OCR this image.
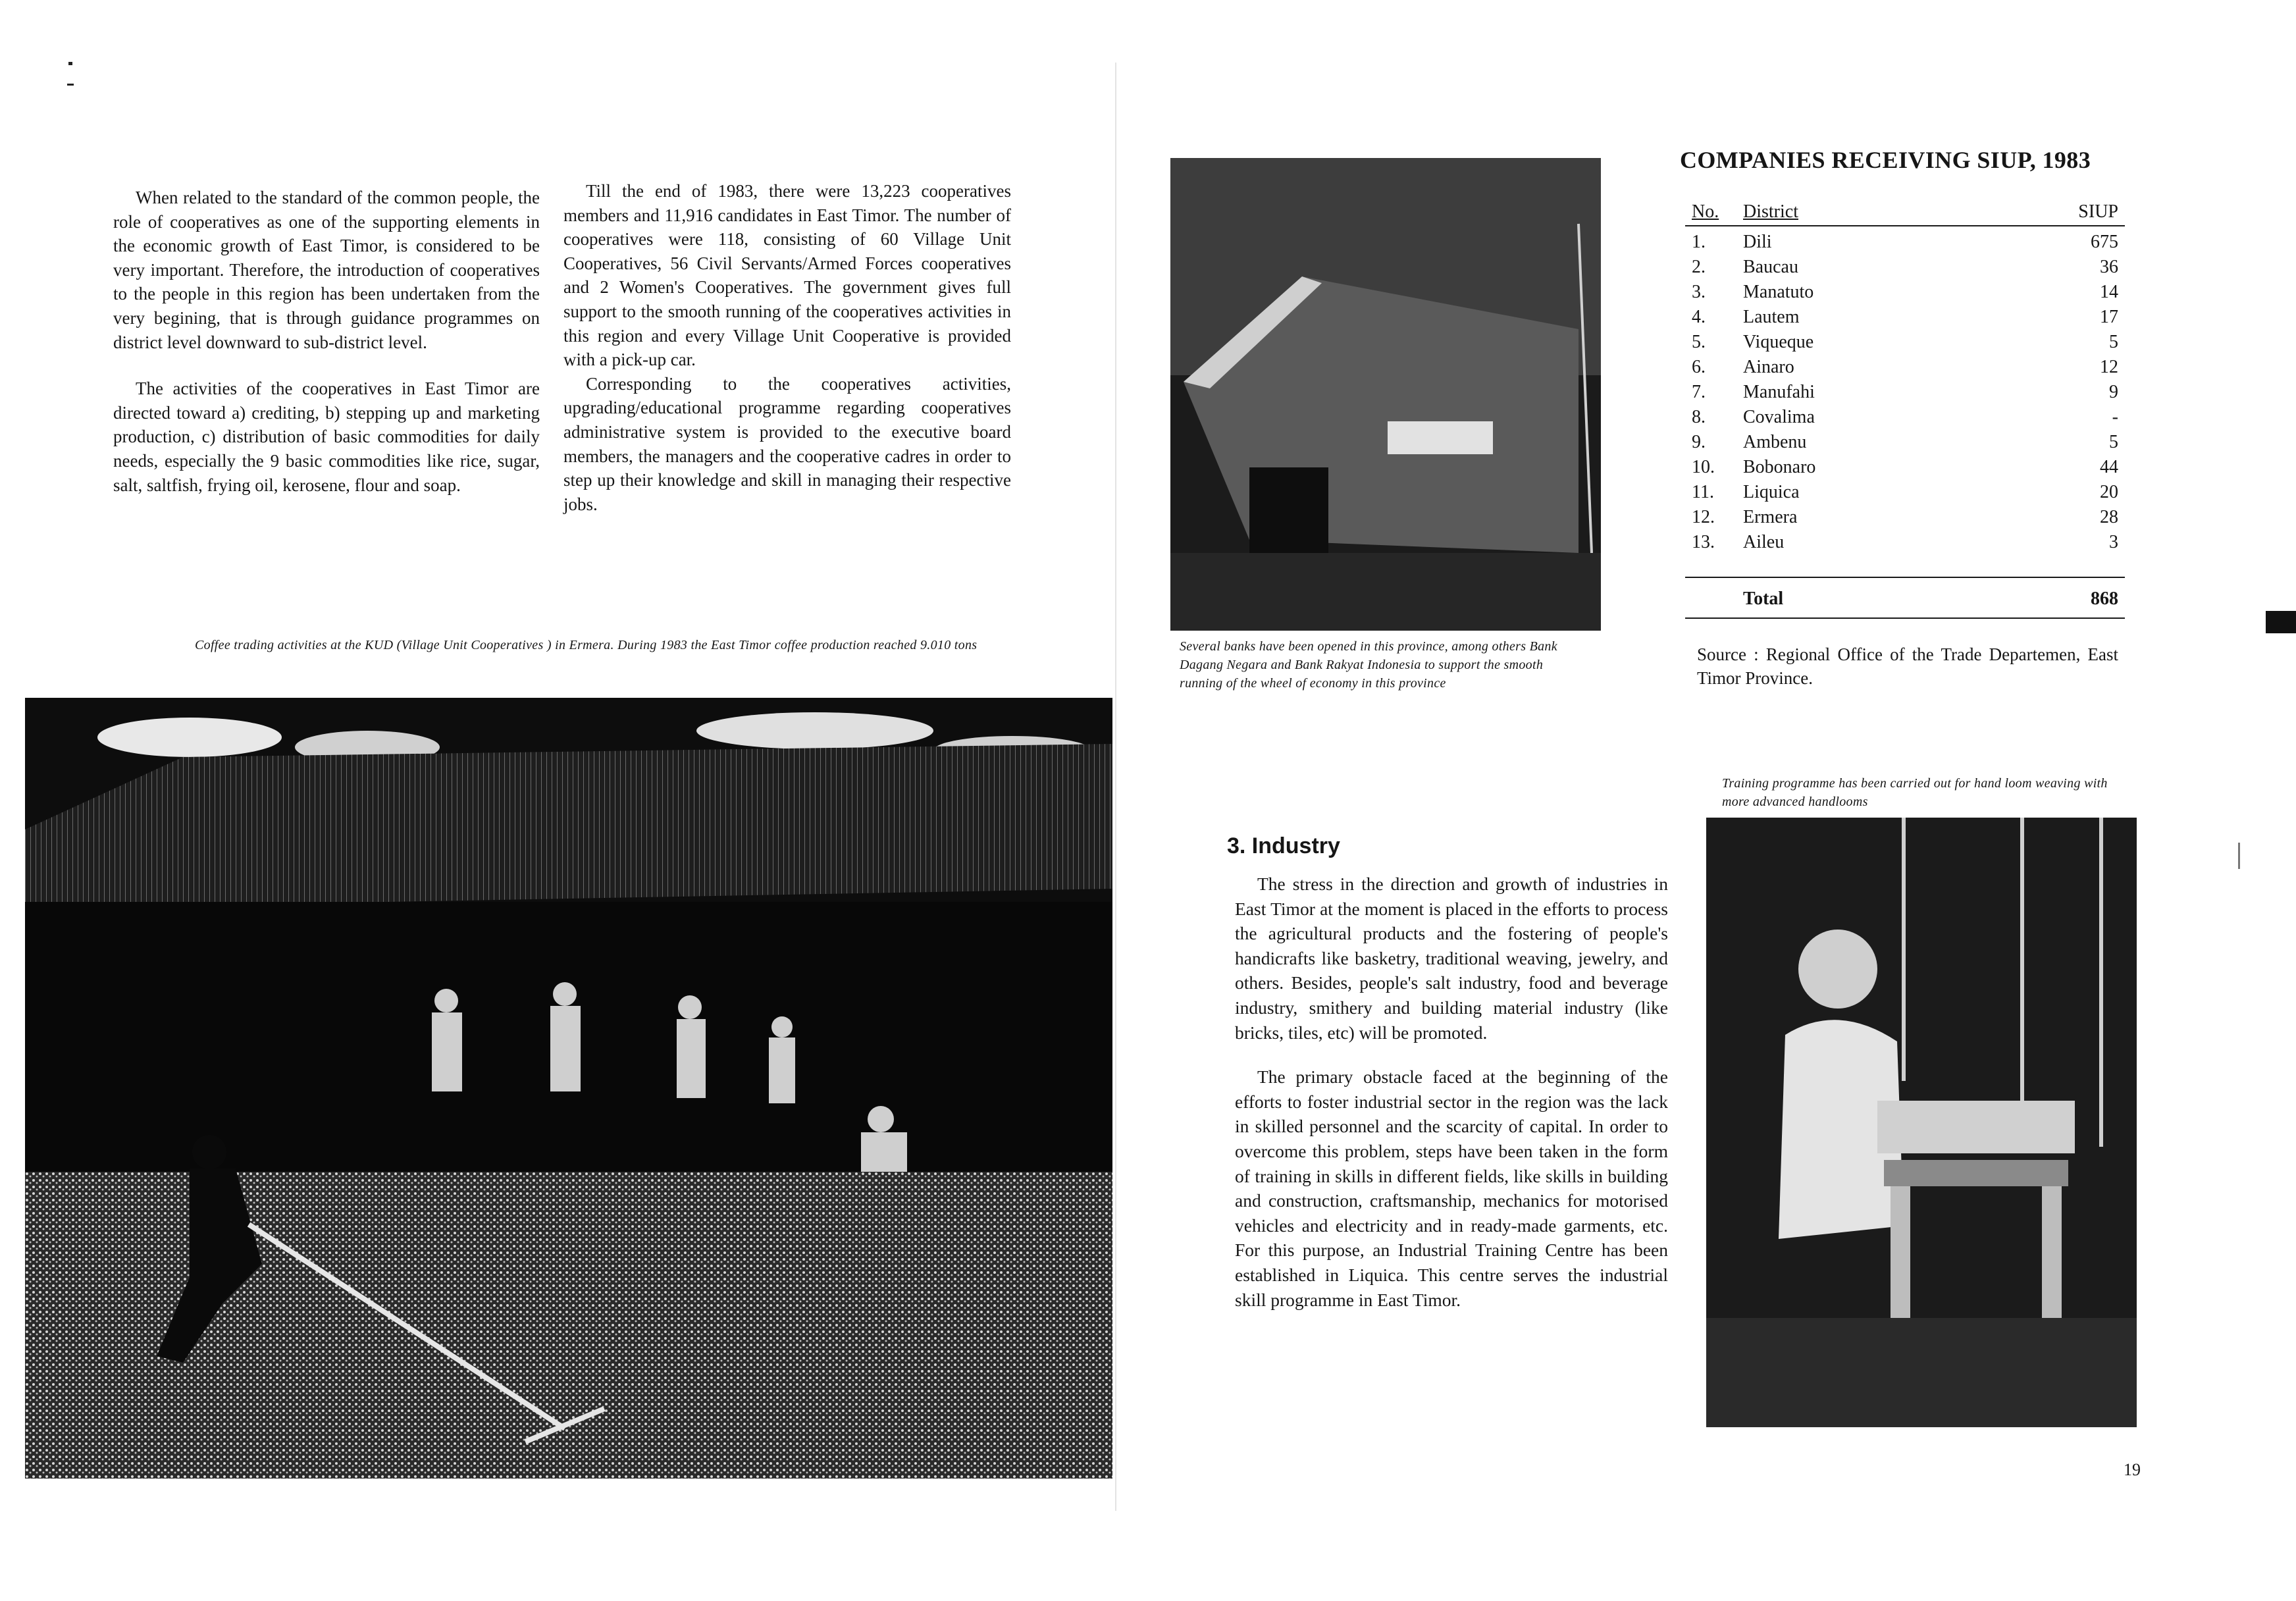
When related to the standard of the common people, the role of cooperatives as one of the supporting elements in the economic growth of East Timor, is considered to be very important. Therefore, the introduction of cooperatives to the people in this region has been undertaken from the very begining, that is through guidance programmes on district level downward to sub-district level.

The activities of the cooperatives in East Timor are directed toward a) crediting, b) stepping up and marketing production, c) distribution of basic commodities for daily needs, especially the 9 basic commodities like rice, sugar, salt, saltfish, frying oil, kerosene, flour and soap.

Till the end of 1983, there were 13,223 cooperatives members and 11,916 candidates in East Timor. The number of cooperatives were 118, consisting of 60 Village Unit Cooperatives, 56 Civil Servants/Armed Forces cooperatives and 2 Women's Cooperatives. The government gives full support to the smooth running of the cooperatives activities in this region and every Village Unit Cooperative is provided with a pick-up car.

Corresponding to the cooperatives activities, upgrading/educational programme regarding cooperatives administrative system is provided to the executive board members, the managers and the cooperative cadres in order to step up their knowledge and skill in managing their respective jobs.

Coffee trading activities at the KUD (Village Unit Cooperatives ) in Ermera. During 1983 the East Timor coffee production reached 9.010 tons	Several banks have been opened in this province, among others Bank Dagang Negara and Bank Rakyat Indonesia to support the smooth running of the wheel of economy in this province
COMPANIES RECEIVING SIUP, 1983
No.	District	SIUP
1.	Dili	675
2.	Baucau	36
3.	Manatuto	14
4.	Lautem	17
5.	Viqueque	5
6.	Ainaro	12
7.	Manufahi	9
8.	Covalima	-
9.	Ambenu	5
10.	Bobonaro	44
11.	Liquica	20
12.	Ermera	28
13.	Aileu	3
Total	868
Source : Regional Office of the Trade Departemen, East Timor Province.
Training programme has been carried out for hand loom weaving with more advanced handlooms
3. Industry

The stress in the direction and growth of industries in East Timor at the moment is placed in the efforts to process the agricultural products and the fostering of people's handicrafts like basketry, traditional weaving, jewelry, and others. Besides, people's salt industry, food and beverage industry, smithery and building material industry (like bricks, tiles, etc) will be promoted.

The primary obstacle faced at the beginning of the efforts to foster industrial sector in the region was the lack in skilled personnel and the scarcity of capital. In order to overcome this problem, steps have been taken in the form of training in skills in different fields, like skills in building and construction, craftsmanship, mechanics for motorised vehicles and electricity and in ready-made garments, etc. For this purpose, an Industrial Training Centre has been established in Liquica. This centre serves the industrial skill programme in East Timor.

19
